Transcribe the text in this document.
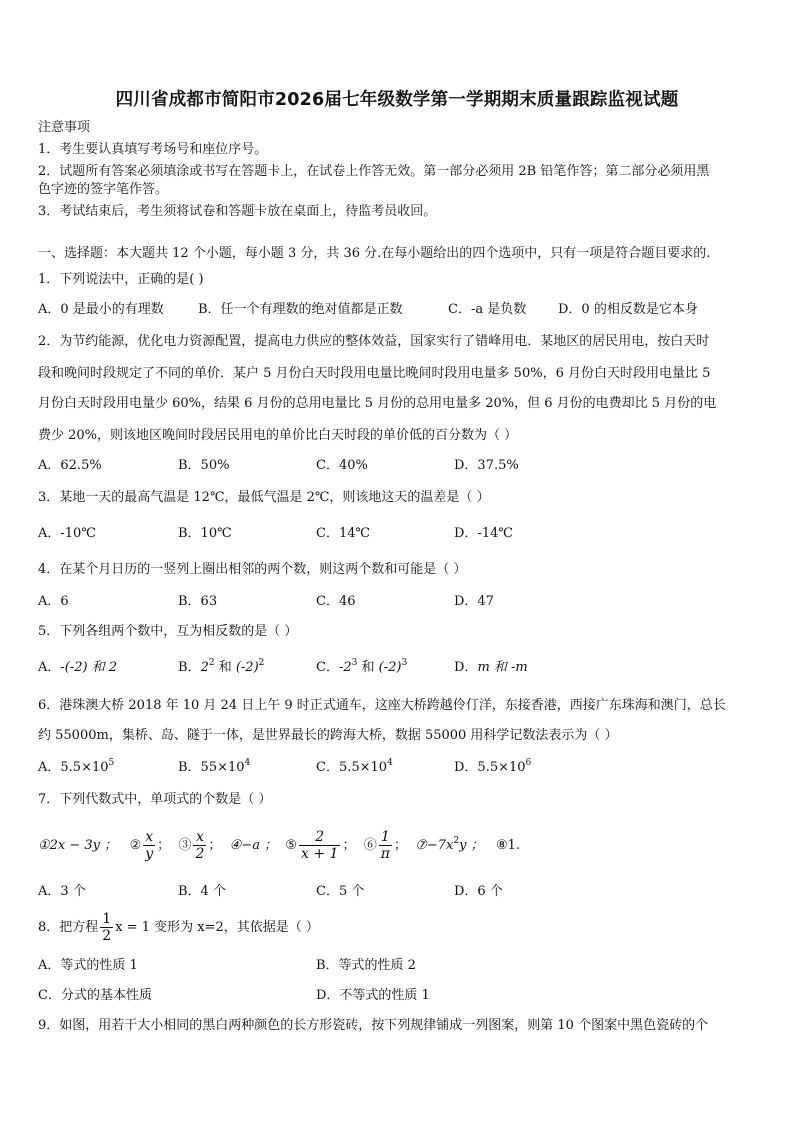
四川省成都市简阳市2026届七年级数学第一学期期末质量跟踪监视试题
注意事项
1．考生要认真填写考场号和座位序号。
2．试题所有答案必须填涂或书写在答题卡上，在试卷上作答无效。第一部分必须用 2B 铅笔作答；第二部分必须用黑
色字迹的签字笔作答。
3．考试结束后，考生须将试卷和答题卡放在桌面上，待监考员收回。
一、选择题：本大题共 12 个小题，每小题 3 分，共 36 分.在每小题给出的四个选项中，只有一项是符合题目要求的.
1．下列说法中，正确的是( )
A．0 是最小的有理数	B．任一个有理数的绝对值都是正数	C．-a 是负数 D．0 的相反数是它本身
2．为节约能源，优化电力资源配置，提高电力供应的整体效益，国家实行了错峰用电．某地区的居民用电，按白天时
段和晚间时段规定了不同的单价．某户 5 月份白天时段用电量比晚间时段用电量多 50%，6 月份白天时段用电量比 5
月份白天时段用电量少 60%，结果 6 月份的总用电量比 5 月份的总用电量多 20%，但 6 月份的电费却比 5 月份的电
费少 20%，则该地区晚间时段居民用电的单价比白天时段的单价低的百分数为（ ）
A．62.5%	B．50%	C．40%	D．37.5%
3．某地一天的最高气温是 12℃，最低气温是 2℃，则该地这天的温差是（ ）
A．-10℃	B．10℃	C．14℃	D．-14℃
4．在某个月日历的一竖列上圈出相邻的两个数，则这两个数和可能是（ ）
A．6	B．63	C．46	D．47
5．下列各组两个数中，互为相反数的是（ ）
A．-(-2) 和 2	B．$2^2$ 和 $(-2)^2$	C．$-2^3$ 和 $(-2)^3$	D．m 和 -m
6．港珠澳大桥 2018 年 10 月 24 日上午 9 时正式通车，这座大桥跨越伶仃洋，东接香港，西接广东珠海和澳门，总长
约 55000m，集桥、岛、隧于一体，是世界最长的跨海大桥，数据 55000 用科学记数法表示为（ ）
A．$5.5\times 10^5$	B．$55\times 10^4$	C．$5.5\times 10^4$	D．$5.5\times 10^6$
7．下列代数式中，单项式的个数是（ ）
①2x − 3y ； ② $\frac{x}{y}$ ； ③ $\frac{x}{2}$ ； ④−a ； ⑤ $\frac{2}{x + 1}$ ； ⑥ $\frac{1}{\pi}$ ； $⑦-7x^2y$ ； ⑧1.
A．3 个	B．4 个	C．5 个	D．6 个
8．把方程 $\frac{1}{2}$ x = 1 变形为 x=2，其依据是（ ）
A．等式的性质 1	B．等式的性质 2
C．分式的基本性质	D．不等式的性质 1
9．如图，用若干大小相同的黑白两种颜色的长方形瓷砖，按下列规律铺成一列图案，则第 10 个图案中黑色瓷砖的个
